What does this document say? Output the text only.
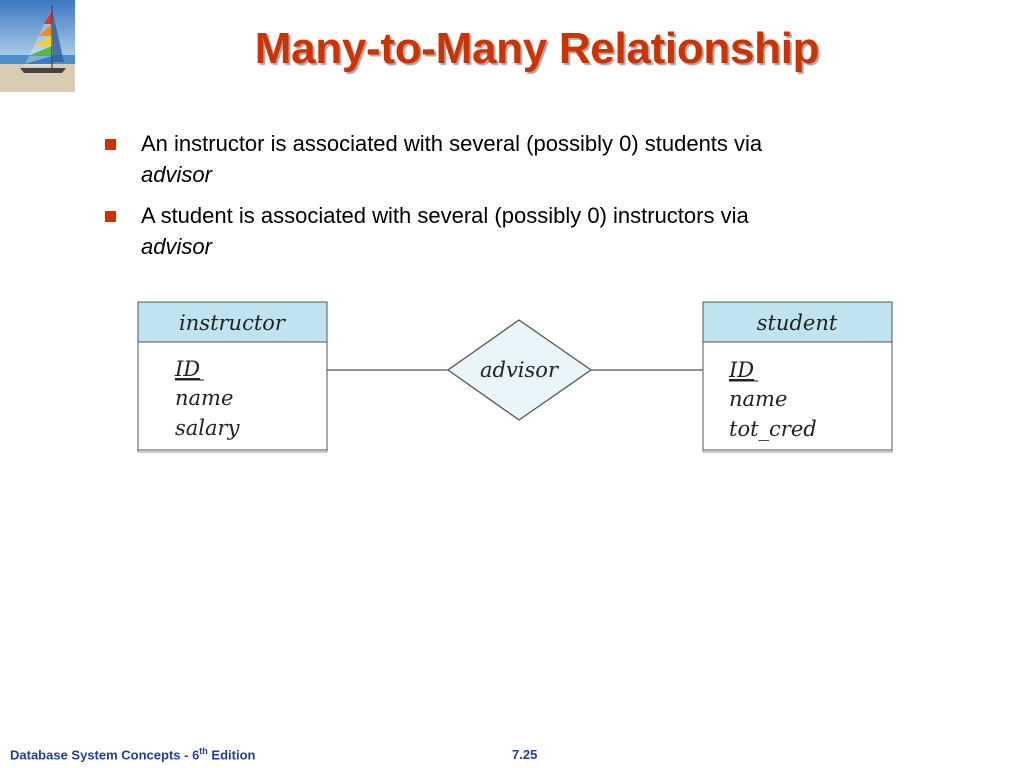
Many-to-Many Relationship
An instructor is associated with several (possibly 0) students via
advisor
A student is associated with several (possibly 0) instructors via
advisor
instructor
ID
name
salary
advisor
student
ID
name
tot_cred
Database System Concepts - 6th Edition	7.25
